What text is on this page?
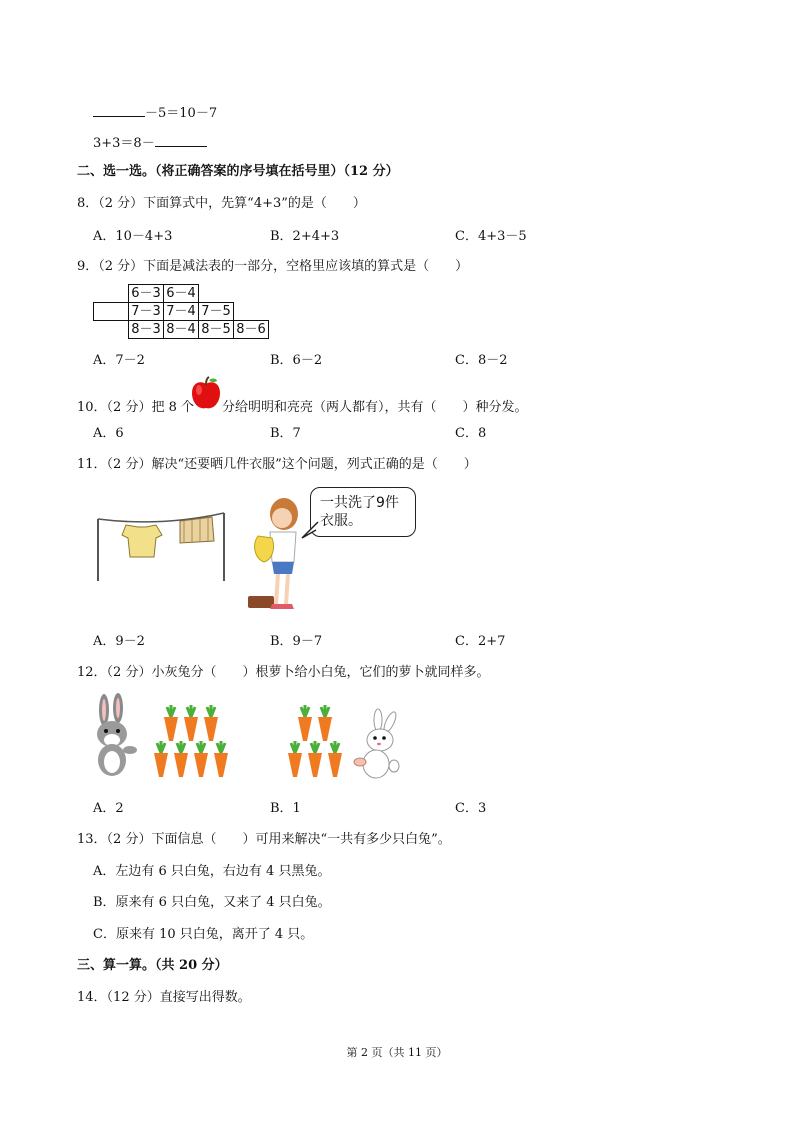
－5＝10－7
3+3＝8－
二、选一选。（将正确答案的序号填在括号里）（12 分）
8．（2 分）下面算式中，先算“4+3”的是（　　）
A．10－4+3	B．2+4+3	C．4+3－5
9．（2 分）下面是减法表的一部分，空格里应该填的算式是（　　）
	6－3	6－4		
	7－3	7－4	7－5	
	8－3	8－4	8－5	8－6
A．7－2	B．6－2	C．8－2
10．（2 分）把 8 个 分给明明和亮亮（两人都有），共有（　　）种分发。
A．6	B．7	C．8
11．（2 分）解决“还要晒几件衣服”这个问题，列式正确的是（　　）
一共洗了9件衣服。
A．9－2	B．9－7	C．2+7
12．（2 分）小灰兔分（　　）根萝卜给小白兔，它们的萝卜就同样多。
A．2	B．1	C．3
13．（2 分）下面信息（　　）可用来解决“一共有多少只白兔”。
A．左边有 6 只白兔，右边有 4 只黑兔。
B．原来有 6 只白兔，又来了 4 只白兔。
C．原来有 10 只白兔，离开了 4 只。
三、算一算。（共 20 分）
14．（12 分）直接写出得数。
第 2 页（共 11 页）
